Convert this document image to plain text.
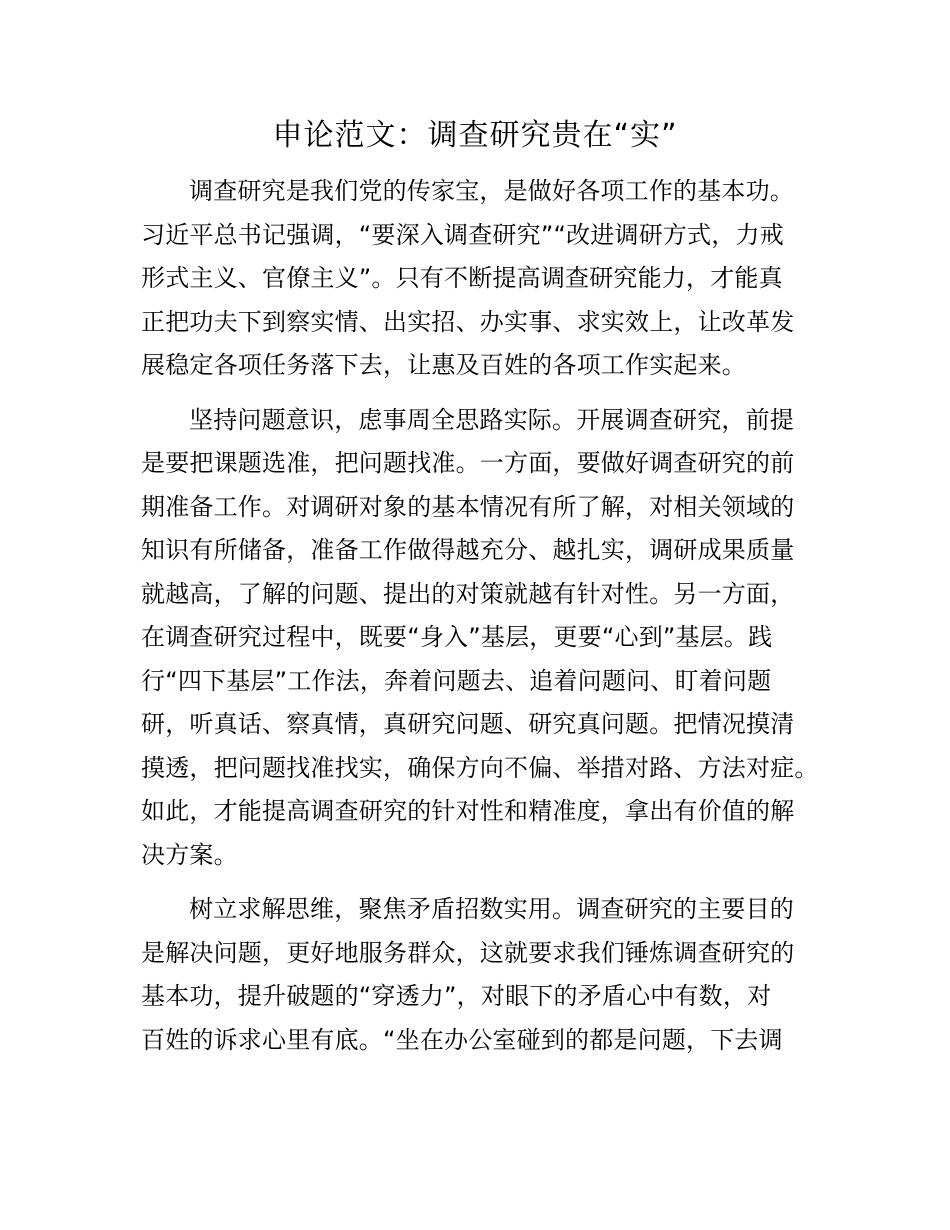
申论范文：调查研究贵在“实”
调查研究是我们党的传家宝，是做好各项工作的基本功。
习近平总书记强调，“要深入调查研究”“改进调研方式，力戒
形式主义、官僚主义”。只有不断提高调查研究能力，才能真
正把功夫下到察实情、出实招、办实事、求实效上，让改革发
展稳定各项任务落下去，让惠及百姓的各项工作实起来。
坚持问题意识，虑事周全思路实际。开展调查研究，前提
是要把课题选准，把问题找准。一方面，要做好调查研究的前
期准备工作。对调研对象的基本情况有所了解，对相关领域的
知识有所储备，准备工作做得越充分、越扎实，调研成果质量
就越高，了解的问题、提出的对策就越有针对性。另一方面，
在调查研究过程中，既要“身入”基层，更要“心到”基层。践
行“四下基层”工作法，奔着问题去、追着问题问、盯着问题
研，听真话、察真情，真研究问题、研究真问题。把情况摸清
摸透，把问题找准找实，确保方向不偏、举措对路、方法对症。
如此，才能提高调查研究的针对性和精准度，拿出有价值的解
决方案。
树立求解思维，聚焦矛盾招数实用。调查研究的主要目的
是解决问题，更好地服务群众，这就要求我们锤炼调查研究的
基本功，提升破题的“穿透力”，对眼下的矛盾心中有数，对
百姓的诉求心里有底。“坐在办公室碰到的都是问题，下去调
